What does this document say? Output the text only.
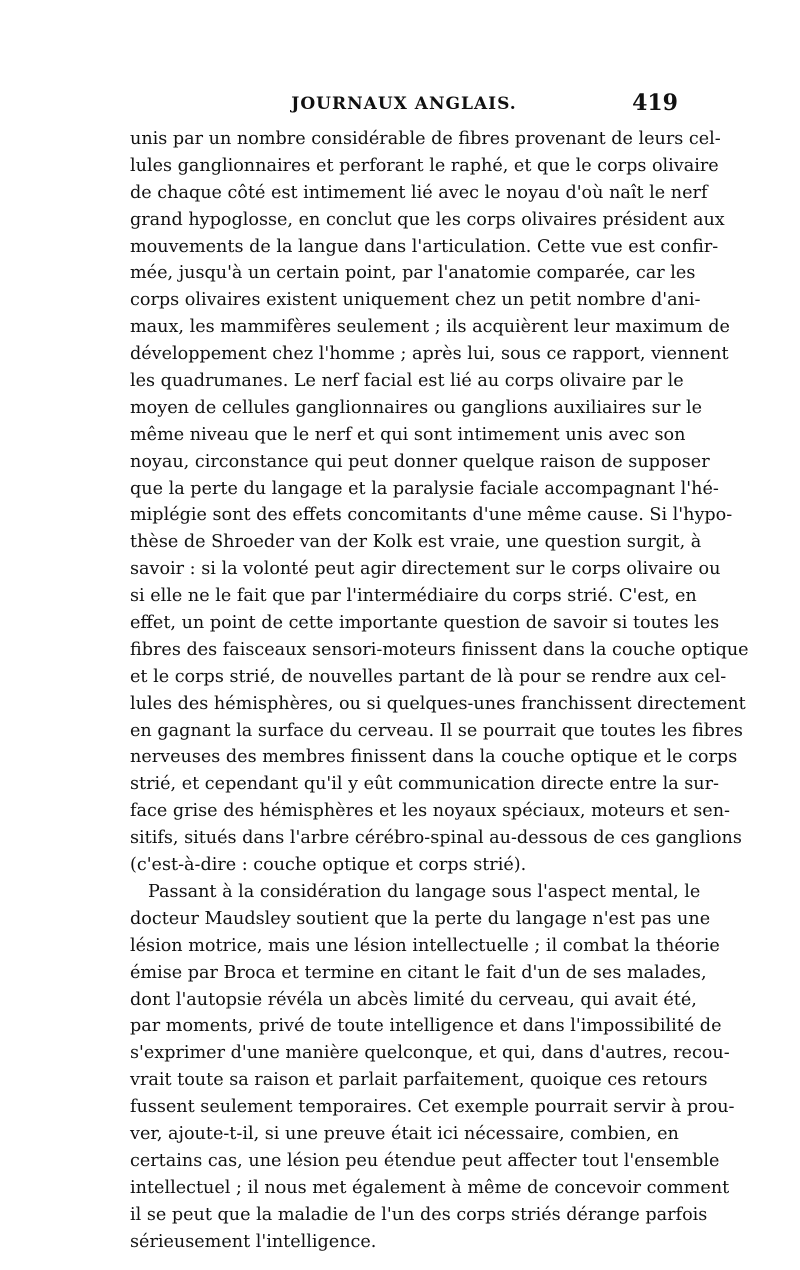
JOURNAUX ANGLAIS.	419
unis par un nombre considérable de fibres provenant de leurs cel-
lules ganglionnaires et perforant le raphé, et que le corps olivaire
de chaque côté est intimement lié avec le noyau d'où naît le nerf
grand hypoglosse, en conclut que les corps olivaires président aux
mouvements de la langue dans l'articulation. Cette vue est confir-
mée, jusqu'à un certain point, par l'anatomie comparée, car les
corps olivaires existent uniquement chez un petit nombre d'ani-
maux, les mammifères seulement ; ils acquièrent leur maximum de
développement chez l'homme ; après lui, sous ce rapport, viennent
les quadrumanes. Le nerf facial est lié au corps olivaire par le
moyen de cellules ganglionnaires ou ganglions auxiliaires sur le
même niveau que le nerf et qui sont intimement unis avec son
noyau, circonstance qui peut donner quelque raison de supposer
que la perte du langage et la paralysie faciale accompagnant l'hé-
miplégie sont des effets concomitants d'une même cause. Si l'hypo-
thèse de Shroeder van der Kolk est vraie, une question surgit, à
savoir : si la volonté peut agir directement sur le corps olivaire ou
si elle ne le fait que par l'intermédiaire du corps strié. C'est, en
effet, un point de cette importante question de savoir si toutes les
fibres des faisceaux sensori-moteurs finissent dans la couche optique
et le corps strié, de nouvelles partant de là pour se rendre aux cel-
lules des hémisphères, ou si quelques-unes franchissent directement
en gagnant la surface du cerveau. Il se pourrait que toutes les fibres
nerveuses des membres finissent dans la couche optique et le corps
strié, et cependant qu'il y eût communication directe entre la sur-
face grise des hémisphères et les noyaux spéciaux, moteurs et sen-
sitifs, situés dans l'arbre cérébro-spinal au-dessous de ces ganglions
(c'est-à-dire : couche optique et corps strié).
Passant à la considération du langage sous l'aspect mental, le
docteur Maudsley soutient que la perte du langage n'est pas une
lésion motrice, mais une lésion intellectuelle ; il combat la théorie
émise par Broca et termine en citant le fait d'un de ses malades,
dont l'autopsie révéla un abcès limité du cerveau, qui avait été,
par moments, privé de toute intelligence et dans l'impossibilité de
s'exprimer d'une manière quelconque, et qui, dans d'autres, recou-
vrait toute sa raison et parlait parfaitement, quoique ces retours
fussent seulement temporaires. Cet exemple pourrait servir à prou-
ver, ajoute-t-il, si une preuve était ici nécessaire, combien, en
certains cas, une lésion peu étendue peut affecter tout l'ensemble
intellectuel ; il nous met également à même de concevoir comment
il se peut que la maladie de l'un des corps striés dérange parfois
sérieusement l'intelligence.
